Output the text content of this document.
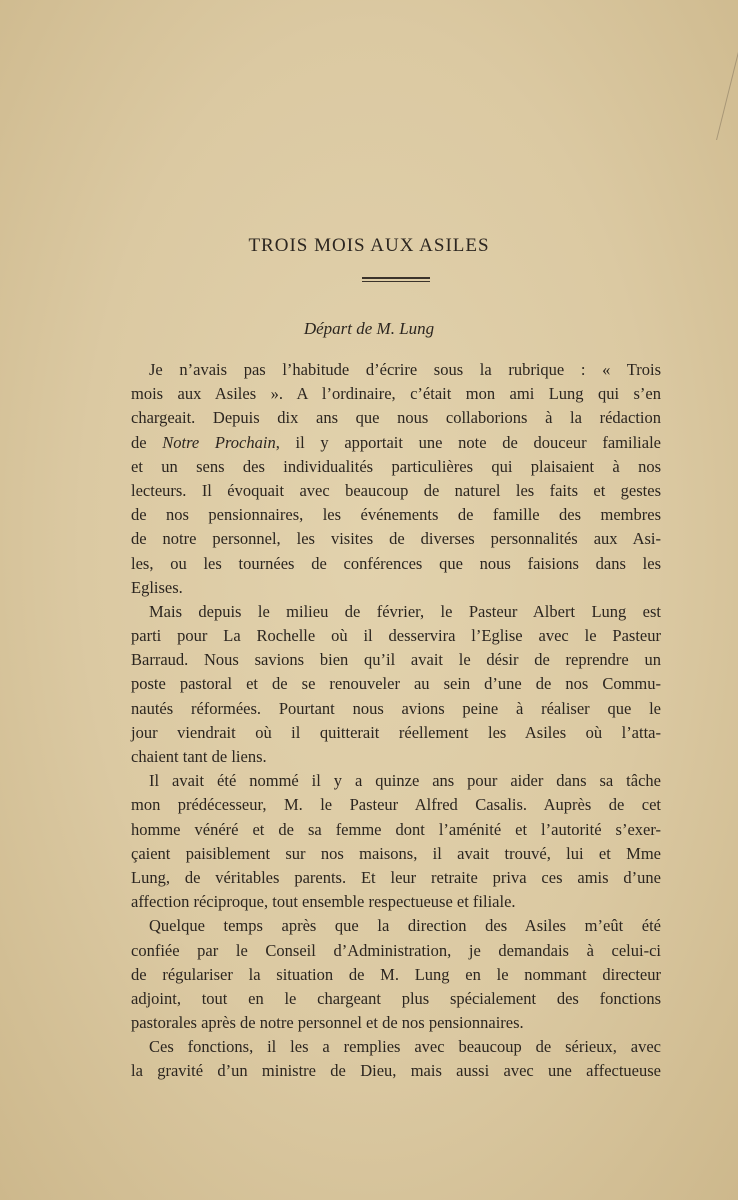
TROIS MOIS AUX ASILES
Départ de M. Lung
Je n’avais pas l’habitude d’écrire sous la rubrique : « Trois
mois aux Asiles ». A l’ordinaire, c’était mon ami Lung qui s’en
chargeait. Depuis dix ans que nous collaborions à la rédaction
de Notre Prochain, il y apportait une note de douceur familiale
et un sens des individualités particulières qui plaisaient à nos
lecteurs. Il évoquait avec beaucoup de naturel les faits et gestes
de nos pensionnaires, les événements de famille des membres
de notre personnel, les visites de diverses personnalités aux Asi-
les, ou les tournées de conférences que nous faisions dans les
Eglises.
Mais depuis le milieu de février, le Pasteur Albert Lung est
parti pour La Rochelle où il desservira l’Eglise avec le Pasteur
Barraud. Nous savions bien qu’il avait le désir de reprendre un
poste pastoral et de se renouveler au sein d’une de nos Commu-
nautés réformées. Pourtant nous avions peine à réaliser que le
jour viendrait où il quitterait réellement les Asiles où l’atta-
chaient tant de liens.
Il avait été nommé il y a quinze ans pour aider dans sa tâche
mon prédécesseur, M. le Pasteur Alfred Casalis. Auprès de cet
homme vénéré et de sa femme dont l’aménité et l’autorité s’exer-
çaient paisiblement sur nos maisons, il avait trouvé, lui et Mme
Lung, de véritables parents. Et leur retraite priva ces amis d’une
affection réciproque, tout ensemble respectueuse et filiale.
Quelque temps après que la direction des Asiles m’eût été
confiée par le Conseil d’Administration, je demandais à celui-ci
de régulariser la situation de M. Lung en le nommant directeur
adjoint, tout en le chargeant plus spécialement des fonctions
pastorales après de notre personnel et de nos pensionnaires.
Ces fonctions, il les a remplies avec beaucoup de sérieux, avec
la gravité d’un ministre de Dieu, mais aussi avec une affectueuse
